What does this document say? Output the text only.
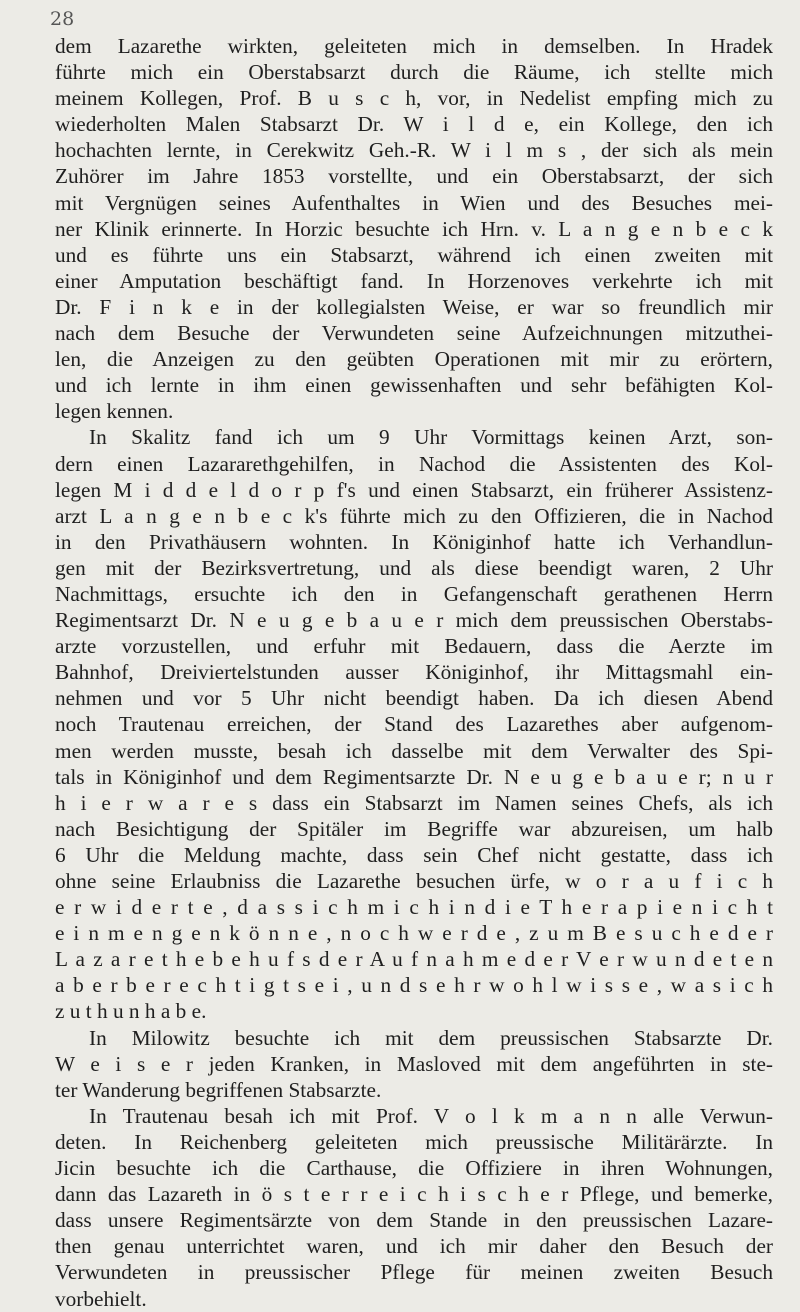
28
dem Lazarethe wirkten, geleiteten mich in demselben. In Hradek
führte mich ein Oberstabsarzt durch die Räume, ich stellte mich
meinem Kollegen, Prof. B u s c h, vor, in Nedelist empfing mich zu
wiederholten Malen Stabsarzt Dr. W i l d e, ein Kollege, den ich
hochachten lernte, in Cerekwitz Geh.-R. W i l m s , der sich als mein
Zuhörer im Jahre 1853 vorstellte, und ein Oberstabsarzt, der sich
mit Vergnügen seines Aufenthaltes in Wien und des Besuches mei-
ner Klinik erinnerte. In Horzic besuchte ich Hrn. v. L a n g e n b e c k
und es führte uns ein Stabsarzt, während ich einen zweiten mit
einer Amputation beschäftigt fand. In Horzenoves verkehrte ich mit
Dr. F i n k e in der kollegialsten Weise, er war so freundlich mir
nach dem Besuche der Verwundeten seine Aufzeichnungen mitzuthei-
len, die Anzeigen zu den geübten Operationen mit mir zu erörtern,
und ich lernte in ihm einen gewissenhaften und sehr befähigten Kol-
legen kennen.
In Skalitz fand ich um 9 Uhr Vormittags keinen Arzt, son-
dern einen Lazararethgehilfen, in Nachod die Assistenten des Kol-
legen M i d d e l d o r p f's und einen Stabsarzt, ein früherer Assistenz-
arzt L a n g e n b e c k's führte mich zu den Offizieren, die in Nachod
in den Privathäusern wohnten. In Königinhof hatte ich Verhandlun-
gen mit der Bezirksvertretung, und als diese beendigt waren, 2 Uhr
Nachmittags, ersuchte ich den in Gefangenschaft gerathenen Herrn
Regimentsarzt Dr. N e u g e b a u e r mich dem preussischen Oberstabs-
arzte vorzustellen, und erfuhr mit Bedauern, dass die Aerzte im
Bahnhof, Dreiviertelstunden ausser Königinhof, ihr Mittagsmahl ein-
nehmen und vor 5 Uhr nicht beendigt haben. Da ich diesen Abend
noch Trautenau erreichen, der Stand des Lazarethes aber aufgenom-
men werden musste, besah ich dasselbe mit dem Verwalter des Spi-
tals in Königinhof und dem Regimentsarzte Dr. N e u g e b a u e r; n u r
h i e r w a r e s dass ein Stabsarzt im Namen seines Chefs, als ich
nach Besichtigung der Spitäler im Begriffe war abzureisen, um halb
6 Uhr die Meldung machte, dass sein Chef nicht gestatte, dass ich
ohne seine Erlaubniss die Lazarethe besuchen ürfe, w o r a u f i c h
e r w i d e r t e , d a s s i c h m i c h i n d i e T h e r a p i e n i c h t
e i n m e n g e n k ö n n e , n o c h w e r d e , z u m B e s u c h e d e r
L a z a r e t h e b e h u f s d e r A u f n a h m e d e r V e r w u n d e t e n
a b e r b e r e c h t i g t s e i , u n d s e h r w o h l w i s s e , w a s i c h
z u t h u n h a b e.
In Milowitz besuchte ich mit dem preussischen Stabsarzte Dr.
W e i s e r jeden Kranken, in Masloved mit dem angeführten in ste-
ter Wanderung begriffenen Stabsarzte.
In Trautenau besah ich mit Prof. V o l k m a n n alle Verwun-
deten. In Reichenberg geleiteten mich preussische Militärärzte. In
Jicin besuchte ich die Carthause, die Offiziere in ihren Wohnungen,
dann das Lazareth in ö s t e r r e i c h i s c h e r Pflege, und bemerke,
dass unsere Regimentsärzte von dem Stande in den preussischen Lazare-
then genau unterrichtet waren, und ich mir daher den Besuch der
Verwundeten in preussischer Pflege für meinen zweiten Besuch
vorbehielt.
